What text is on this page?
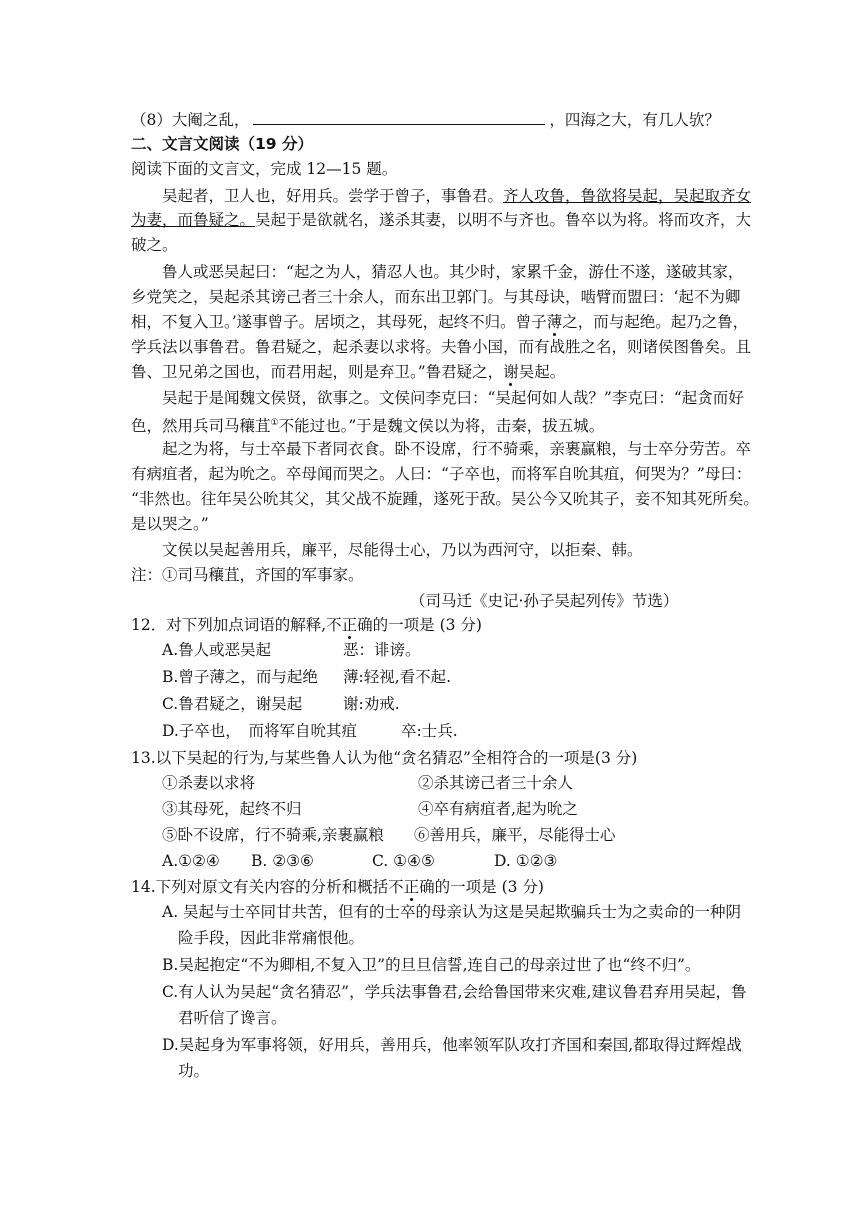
（8）大阉之乱，	，四海之大，有几人欤？
二、文言文阅读（19 分）
阅读下面的文言文，完成 12—15 题。
吴起者，卫人也，好用兵。尝学于曾子，事鲁君。齐人攻鲁，鲁欲将吴起，吴起取齐女
为妻，而鲁疑之。吴起于是欲就名，遂杀其妻，以明不与齐也。鲁卒以为将。将而攻齐，大
破之。
鲁人或恶吴起曰：“起之为人，猜忍人也。其少时，家累千金，游仕不遂，遂破其家，
乡党笑之，吴起杀其谤己者三十余人，而东出卫郭门。与其母诀，啮臂而盟曰：‘起不为卿
相，不复入卫。’遂事曾子。居顷之，其母死，起终不归。曾子薄之，而与起绝。起乃之鲁，
学兵法以事鲁君。鲁君疑之，起杀妻以求将。夫鲁小国，而有战胜之名，则诸侯图鲁矣。且
鲁、卫兄弟之国也，而君用起，则是弃卫。”鲁君疑之，谢吴起。
吴起于是闻魏文侯贤，欲事之。文侯问李克曰：“吴起何如人哉？”李克曰：“起贪而好
色，然用兵司马穰苴①不能过也。”于是魏文侯以为将，击秦，拔五城。
起之为将，与士卒最下者同衣食。卧不设席，行不骑乘，亲裹赢粮，与士卒分劳苦。卒
有病疽者，起为吮之。卒母闻而哭之。人曰：“子卒也，而将军自吮其疽，何哭为？”母曰：
“非然也。往年吴公吮其父，其父战不旋踵，遂死于敌。吴公今又吮其子，妾不知其死所矣。
是以哭之。”
文侯以吴起善用兵，廉平，尽能得士心，乃以为西河守，以拒秦、韩。
注：①司马穰苴，齐国的军事家。
（司马迁《史记·孙子吴起列传》节选）
12．对下列加点词语的解释,不正确的一项是 (3 分)
A.鲁人或恶吴起	恶：诽谤。
B.曾子薄之，而与起绝 薄:轻视,看不起.
C.鲁君疑之，谢吴起	谢:劝戒.
D.子卒也，　而将军自吮其疽	卒:士兵.
13.以下吴起的行为,与某些鲁人认为他“贪名猜忍”全相符合的一项是(3 分)
①杀妻以求将	②杀其谤己者三十余人
③其母死，起终不归	④卒有病疽者,起为吮之
⑤卧不设席，行不骑乘,亲裹赢粮 ⑥善用兵，廉平，尽能得士心
A.①②④ B. ②③⑥	C. ①④⑤	D. ①②③
14.下列对原文有关内容的分析和概括不正确的一项是 (3 分)
A. 吴起与士卒同甘共苦，但有的士卒的母亲认为这是吴起欺骗兵士为之卖命的一种阴
险手段，因此非常痛恨他。
B.吴起抱定“不为卿相,不复入卫”的旦旦信誓,连自己的母亲过世了也“终不归”。
C.有人认为吴起“贪名猜忍”，学兵法事鲁君,会给鲁国带来灾难,建议鲁君弃用吴起，鲁
君听信了谗言。
D.吴起身为军事将领，好用兵，善用兵，他率领军队攻打齐国和秦国,都取得过辉煌战
功。
